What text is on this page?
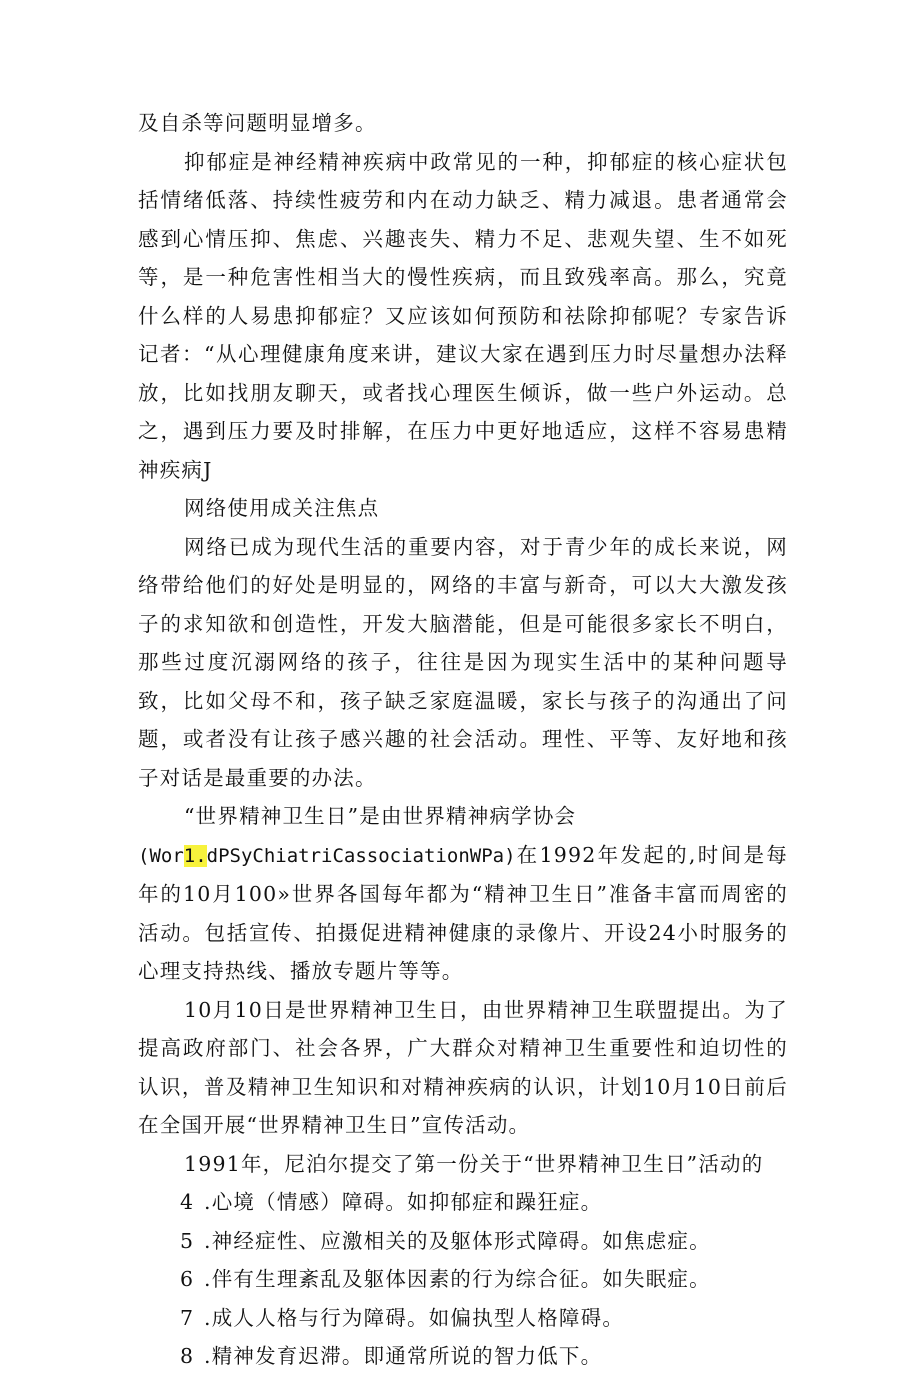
及自杀等问题明显增多。

抑郁症是神经精神疾病中政常见的一种，抑郁症的核心症状包括情绪低落、持续性疲劳和内在动力缺乏、精力减退。患者通常会感到心情压抑、焦虑、兴趣丧失、精力不足、悲观失望、生不如死等，是一种危害性相当大的慢性疾病，而且致残率高。那么，究竟什么样的人易患抑郁症？又应该如何预防和祛除抑郁呢？专家告诉记者：“从心理健康角度来讲，建议大家在遇到压力时尽量想办法释放，比如找朋友聊天，或者找心理医生倾诉，做一些户外运动。总之，遇到压力要及时排解，在压力中更好地适应，这样不容易患精神疾病J

网络使用成关注焦点

网络已成为现代生活的重要内容，对于青少年的成长来说，网络带给他们的好处是明显的，网络的丰富与新奇，可以大大激发孩子的求知欲和创造性，开发大脑潜能，但是可能很多家长不明白，那些过度沉溺网络的孩子，往往是因为现实生活中的某种问题导致，比如父母不和，孩子缺乏家庭温暖，家长与孩子的沟通出了问题，或者没有让孩子感兴趣的社会活动。理性、平等、友好地和孩子对话是最重要的办法。

“世界精神卫生日”是由世界精神病学协会

(Wor1.dPSyChiatriCassociationWPa)在1992年发起的,时间是每年的10月100»世界各国每年都为“精神卫生日”准备丰富而周密的活动。包括宣传、拍摄促进精神健康的录像片、开设24小时服务的心理支持热线、播放专题片等等。

10月10日是世界精神卫生日，由世界精神卫生联盟提出。为了提高政府部门、社会各界，广大群众对精神卫生重要性和迫切性的认识，普及精神卫生知识和对精神疾病的认识，计划10月10日前后在全国开展“世界精神卫生日”宣传活动。

1991年，尼泊尔提交了第一份关于“世界精神卫生日”活动的

4 .心境（情感）障碍。如抑郁症和躁狂症。

5 .神经症性、应激相关的及躯体形式障碍。如焦虑症。

6 .伴有生理紊乱及躯体因素的行为综合征。如失眠症。

7 .成人人格与行为障碍。如偏执型人格障碍。

8 .精神发育迟滞。即通常所说的智力低下。
